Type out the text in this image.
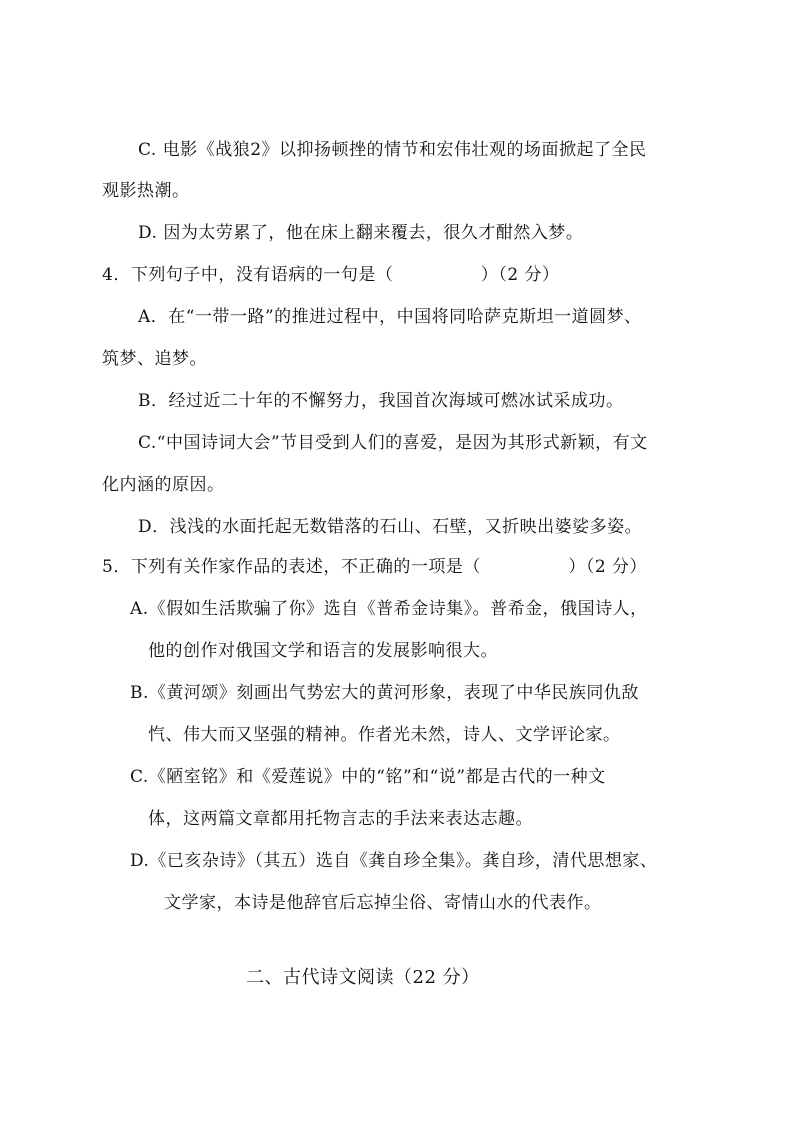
C. 电影《战狼2》以抑扬顿挫的情节和宏伟壮观的场面掀起了全民
观影热潮。
D. 因为太劳累了，他在床上翻来覆去，很久才酣然入梦。
4．下列句子中，没有语病的一句是（　　　　　）（2 分）
A．在“一带一路”的推进过程中，中国将同哈萨克斯坦一道圆梦、
筑梦、追梦。
B．经过近二十年的不懈努力，我国首次海域可燃冰试采成功。
C.“中国诗词大会”节目受到人们的喜爱，是因为其形式新颖，有文
化内涵的原因。
D．浅浅的水面托起无数错落的石山、石壁，又折映出婆娑多姿。
5．下列有关作家作品的表述，不正确的一项是（　　　　　）（2 分）
A.《假如生活欺骗了你》选自《普希金诗集》。普希金，俄国诗人，
他的创作对俄国文学和语言的发展影响很大。
B.《黄河颂》刻画出气势宏大的黄河形象，表现了中华民族同仇敌
忾、伟大而又坚强的精神。作者光未然，诗人、文学评论家。
C.《陋室铭》和《爱莲说》中的“铭”和“说”都是古代的一种文
体，这两篇文章都用托物言志的手法来表达志趣。
D.《已亥杂诗》（其五）选自《龚自珍全集》。龚自珍，清代思想家、
文学家，本诗是他辞官后忘掉尘俗、寄情山水的代表作。
二、古代诗文阅读（22 分）
